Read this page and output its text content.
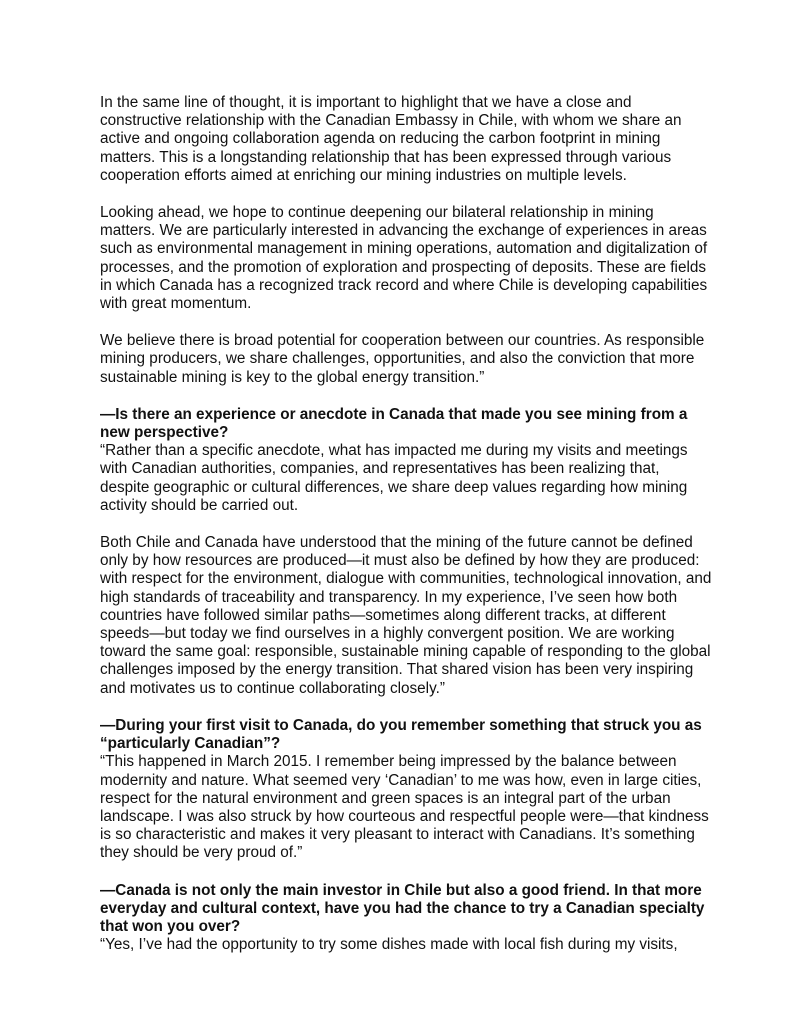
In the same line of thought, it is important to highlight that we have a close and constructive relationship with the Canadian Embassy in Chile, with whom we share an active and ongoing collaboration agenda on reducing the carbon footprint in mining matters. This is a longstanding relationship that has been expressed through various cooperation efforts aimed at enriching our mining industries on multiple levels.

Looking ahead, we hope to continue deepening our bilateral relationship in mining matters. We are particularly interested in advancing the exchange of experiences in areas such as environmental management in mining operations, automation and digitalization of processes, and the promotion of exploration and prospecting of deposits. These are fields in which Canada has a recognized track record and where Chile is developing capabilities with great momentum.

We believe there is broad potential for cooperation between our countries. As responsible mining producers, we share challenges, opportunities, and also the conviction that more sustainable mining is key to the global energy transition.”

—Is there an experience or anecdote in Canada that made you see mining from a new perspective?

“Rather than a specific anecdote, what has impacted me during my visits and meetings with Canadian authorities, companies, and representatives has been realizing that, despite geographic or cultural differences, we share deep values regarding how mining activity should be carried out.

Both Chile and Canada have understood that the mining of the future cannot be defined only by how resources are produced—it must also be defined by how they are produced: with respect for the environment, dialogue with communities, technological innovation, and high standards of traceability and transparency. In my experience, I’ve seen how both countries have followed similar paths—sometimes along different tracks, at different speeds—but today we find ourselves in a highly convergent position. We are working toward the same goal: responsible, sustainable mining capable of responding to the global challenges imposed by the energy transition. That shared vision has been very inspiring and motivates us to continue collaborating closely.”

—During your first visit to Canada, do you remember something that struck you as “particularly Canadian”?

“This happened in March 2015. I remember being impressed by the balance between modernity and nature. What seemed very ‘Canadian’ to me was how, even in large cities, respect for the natural environment and green spaces is an integral part of the urban landscape. I was also struck by how courteous and respectful people were—that kindness is so characteristic and makes it very pleasant to interact with Canadians. It’s something they should be very proud of.”

—Canada is not only the main investor in Chile but also a good friend. In that more everyday and cultural context, have you had the chance to try a Canadian specialty that won you over?

“Yes, I’ve had the opportunity to try some dishes made with local fish during my visits,
